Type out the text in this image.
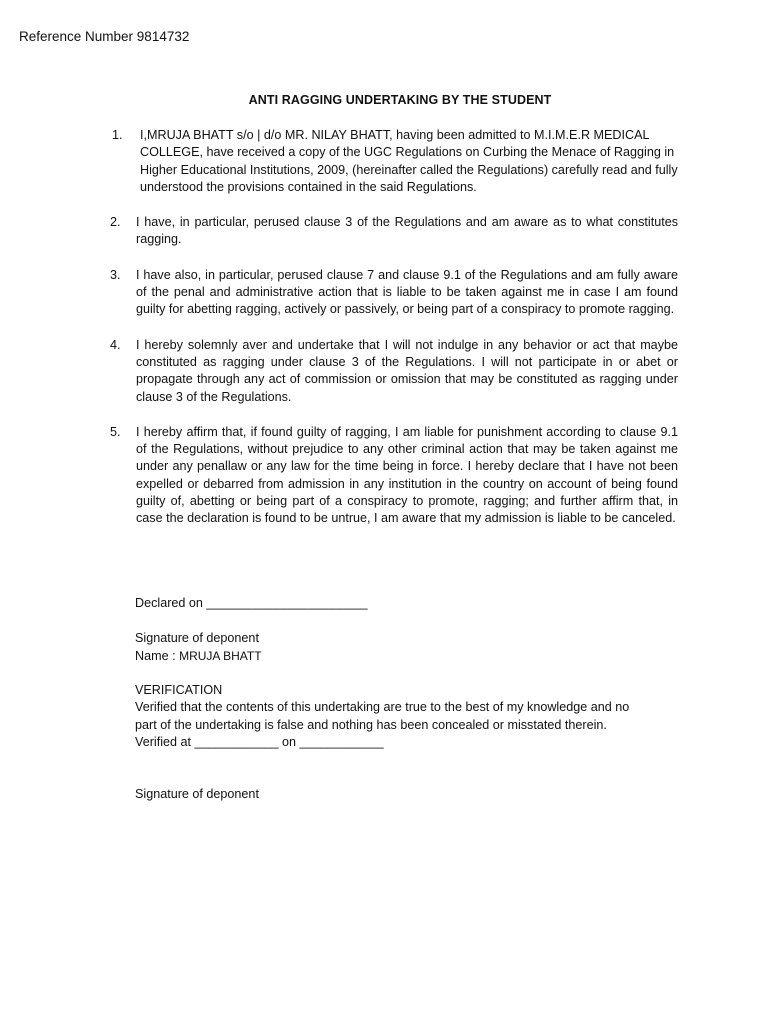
Reference Number 9814732
ANTI RAGGING UNDERTAKING BY THE STUDENT
1.	I,MRUJA BHATT s/o | d/o MR. NILAY BHATT, having been admitted to M.I.M.E.R MEDICAL COLLEGE, have received a copy of the UGC Regulations on Curbing the Menace of Ragging in Higher Educational Institutions, 2009, (hereinafter called the Regulations) carefully read and fully understood the provisions contained in the said Regulations.
2. I have, in particular, perused clause 3 of the Regulations and am aware as to what constitutes ragging.
3. I have also, in particular, perused clause 7 and clause 9.1 of the Regulations and am fully aware of the penal and administrative action that is liable to be taken against me in case I am found guilty for abetting ragging, actively or passively, or being part of a conspiracy to promote ragging.
4. I hereby solemnly aver and undertake that I will not indulge in any behavior or act that maybe constituted as ragging under clause 3 of the Regulations. I will not participate in or abet or propagate through any act of commission or omission that may be constituted as ragging under clause 3 of the Regulations.
5. I hereby affirm that, if found guilty of ragging, I am liable for punishment according to clause 9.1 of the Regulations, without prejudice to any other criminal action that may be taken against me under any penallaw or any law for the time being in force. I hereby declare that I have not been expelled or debarred from admission in any institution in the country on account of being found guilty of, abetting or being part of a conspiracy to promote, ragging; and further affirm that, in case the declaration is found to be untrue, I am aware that my admission is liable to be canceled.
Declared on _______________________
Signature of deponent
Name : MRUJA BHATT
VERIFICATION
Verified that the contents of this undertaking are true to the best of my knowledge and no
part of the undertaking is false and nothing has been concealed or misstated therein.
Verified at ____________ on ____________
Signature of deponent
